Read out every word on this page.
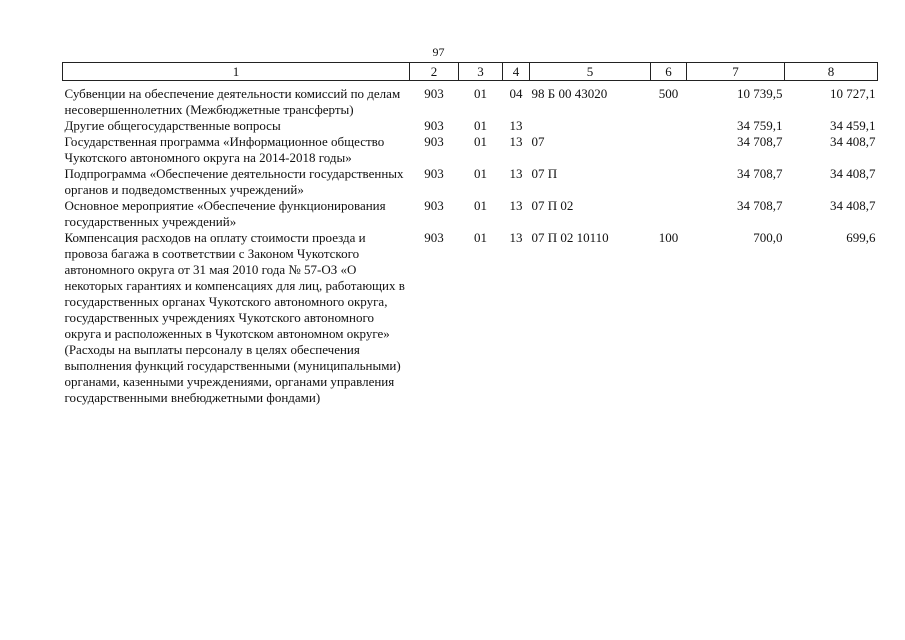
97
1	2	3	4	5	6	7	8

Субвенции на обеспечение деятельности комиссий по делам несовершеннолетних (Межбюджетные трансферты)	903	01	04	98 Б 00 43020	500	10 739,5	10 727,1
Другие общегосударственные вопросы	903	01	13			34 759,1	34 459,1
Государственная программа «Информационное общество Чукотского автономного округа на 2014-2018 годы»	903	01	13	07		34 708,7	34 408,7
Подпрограмма «Обеспечение деятельности государственных органов и подведомственных учреждений»	903	01	13	07 П		34 708,7	34 408,7
Основное мероприятие «Обеспечение функционирования государственных учреждений»	903	01	13	07 П 02		34 708,7	34 408,7
Компенсация расходов на оплату стоимости проезда и провоза багажа в соответствии с Законом Чукотского автономного округа от 31 мая 2010 года № 57-ОЗ «О некоторых гарантиях и компенсациях для лиц, работающих в государственных органах Чукотского автономного округа, государственных учреждениях Чукотского автономного округа и расположенных в Чукотском автономном округе» (Расходы на выплаты персоналу в целях обеспечения выполнения функций государственными (муниципальными) органами, казенными учреждениями, органами управления государственными внебюджетными фондами)	903	01	13	07 П 02 10110	100	700,0	699,6
